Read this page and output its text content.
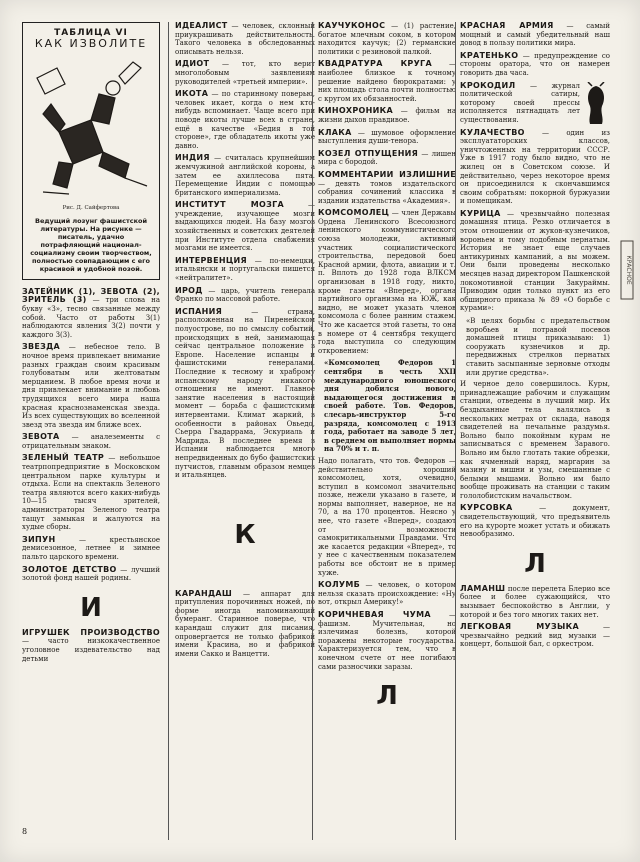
ТАБЛИЦА VI
КАК ИЗВОЛИТЕ
Рис. Д. Сайфертова
Ведущий лозунг фашистской литературы. На рисунке — писатель, удачно потрафляющий национал-социализму своим творчеством, полностью совпадающим с его красивой и удобной позой.

ЗАТЕЙНИК (1), ЗЕВОТА (2), ЗРИТЕЛЬ (3) — три слова на букву «З», тесно связанные между собой. Часто от работы З(1) наблюдаются явления З(2) почти у каждого З(3).

ЗВЕЗДА — небесное тело. В ночное время привлекает внимание разных граждан своим красивым голубоватым или желтоватым мерцанием. В любое время ночи и дня привлекает внимание и любовь трудящихся всего мира наша красная краснознаменская звезда. Из всех существующих во вселенной звезд эта звезда им ближе всех.

ЗЕВОТА — аналезементы с отрицательным знаком.

ЗЕЛЕНЫЙ ТЕАТР — небольшое театрпопредприятие в Московском центральном парке культуры и отдыха. Если на спектакль Зеленого театра являются всего каких-нибудь 10—15 тысяч зрителей, администраторы Зеленого театра тащут замыкая и жалуются на худые сборы.

ЗИПУН	— крестьянское демисезонное, летнее и зимнее пальто царского времени.

ЗОЛОТОЕ ДЕТСТВО — лучший золотой фонд нашей родины.

И

ИГРУШЕК ПРОИЗВОДСТВО — часто низкокачественное уголовное издевательство над детьми

ИДЕАЛИСТ — человек, склонный приукрашивать действительность. Такого человека в обследованных описывать нельзя.

ИДИОТ — тот, кто верит многолобовым заявлениям руководителей «третьей империи».

ИКОТА — по старинному поверью, человек икает, когда о нем кто-нибудь вспоминает. Чаще всего при поводе икоты лучше всех в стране, ещё в качестве «Бедия в той стороне», где обладатель икоты уже давно.

ИНДИЯ — считалась крупнейшим жемчужиной английской короны, а затем ее ахиллесова пята. Перемещение Индии с помощью британского империализма.

ИНСТИТУТ МОЗГА	— учреждение, изучающее мозги выдающихся людей. На базу мозгов хозяйственных и советских деятелей при Институте отдела снабжения мозгами не имеется.

ИНТЕРВЕНЦИЯ — по-немецки, итальянски и португальски пишется «нейтралитет».

ИРОД — царь, учитель генерала Франко по массовой работе.

ИСПАНИЯ	— страна, расположенная на Пиренейском полуострове, по по смыслу событий, происходящих в ней, занимающая сейчас центральное положение в Европе. Население испанцы и фашистскими генералами. Последние к тесному и храброму испанскому народу никакого отношения не имеют. Главное занятие населения в настоящий момент — борьба с фашистскими интервентами. Климат жаркий, в особенности в районах Овьедо, Сьерра Гвадаррама, Эскуриаль и Мадрида. В последнее время в Испании наблюдается много непредвиденных до бубо фашистских путчистов, главным образом немцев и итальянцев.

К

КАРАНДАШ — аппарат для притупления порочинных ножей, по форме иногда напоминающий бумеранг. Старинное поверье, что карандаш служит для писания, опровергается не только фабрикой имени Красина, но и фабрикой имени Сакко и Ванцетти.

КАУЧУКОНОС — (1) растение, богатое млечным соком, в котором находится каучук; (2) германские политики с резиновой палкой.

КВАДРАТУРА КРУГА — наиболее близкое к точному решение найдено бюрократами: у них площадь стола почти полностью с кругом их обязанностей.

КИНОХРОНИКА — фильм на жизни дыхов правдивое.

КЛАКА — шумовое оформление выступления души-тенора.

КОЗЕЛ ОТПУЩЕНИЯ — лишен мира с бородой.

КОММЕНТАРИИ ИЗЛИШНИЕ — девять томов издательского собрания сочинений классика в издании издательства «Академия».

КОМСОМОЛЕЦ — член Державы Ордена Ленинского Всесоюзного ленинского коммунистического союза молодежи, активный участник социалистического строительства, передовой боец Красной армии, флота, авиации и т. п. Вплоть до 1928 года ВЛКСМ организован в 1918 году, никто, кроме газеты «Вперед», органа партийного организма на ЮЖ, как видно, не может указать членов комсомола с более ранним стажем. Что же касается этой газеты, то она в номере от 4 сентября текущего года выступила со следующим откровением:

«Комсомолец Федоров 1 сентября в честь XXII международного юношеского дня добился нового, выдающегося достижения в своей работе. Тов. Федоров, слесарь-инструктор 5-го разряда, комсомолец с 1913 года, работает на заводе 5 лет, в среднем он выполняет нормы на 70% и т. п.

Надо полагать, что тов. Федоров — действительно хороший комсомолец, хотя, очевидно, вступил в комсомол значительно позже, нежели указано в газете, и нормы выполняет, наверное, не на 70, а на 170 процентов. Неясно у нее, что газете «Вперед», создают от возможности самокритикальными Правдами. Что же касается редакции «Вперед», то у нее с качественным показателем работы все обстоит не в пример хуже.

КОЛУМБ — человек, о котором нельзя сказать происхождение: «Ну вот, открыл Америку!»

КОРИЧНЕВАЯ ЧУМА	— фашизм. Мучительная, но излечимая болезнь, которой поражены некоторые государства. Характеризуется тем, что в конечном счете от нее погибают сами разносчики заразы.

Л

КРАСНАЯ АРМИЯ — самый мощный и самый убедительный наш довод в пользу политики мира.

КРАТЕНЬКО — предупреждение со стороны оратора, что он намерен говорить два часа.

КРОКОДИЛ — журнал политической сатиры, которому своей прессы исполняется пятнадцать лет существования.

КУЛАЧЕСТВО — один из эксплуататорских классов, уничтоженных на территории СССР. Уже в 1917 году было видно, что не жилец он в Советском союзе. И действительно, через некоторое время он присоединился к скончавшимся своим собратьям: покорной буржуазии и помещикам.

КУРИЦА — чрезвычайно полезная домашняя птица. Резко отличается в этом отношении от жуков-кузнечиков, вороньем и тому подобным пернатым. История не знает еще случаев антикуриных кампаний, а вы можем. Они были проведены несколько месяцев назад директором Пашкенской локомотивной станции Закураймы. Приводим один только пункт из его обширного приказа № 89 «О борьбе с курами»:

«В целях борьбы с предательством воробьев и потравой посевов домашней птицы приказываю: 1) сооружать кузнечиков и др. передвижных стрелков пернатых ставить засыпанные зерновые отходы или другие средства».

И черное дело совершилось. Куры, принадлежащие рабочим и служащим станции, отведены в лучший мир. Их бездыханные тела валялись в нескольких метрах от склада, наводя свидетелей на печальные раздумья. Вольно было покойным курам не записываться с временем Заравого. Вольно им было глотать такие обрезки, как ячменный наряд, маргарин за мазину и вишни и узы, смешанные с белыми мышами. Вольно им было вообще проживать на станции с таким гололобистским начальством.

КУРСОВКА	— документ, свидетельствующий, что предъявитель его на курорте может устать и обижать невообразимо.

Л

ЛАМАНШ после перелета Блерио все более и более сужающийся, что вызывает беспокойство в Англии, у которой и без того многих таких нет.

ЛЕГКОВАЯ МУЗЫКА	— чрезвычайно редкий вид музыки — концерт, большой бал, с оркестром.

КРАСНОЕ
8
